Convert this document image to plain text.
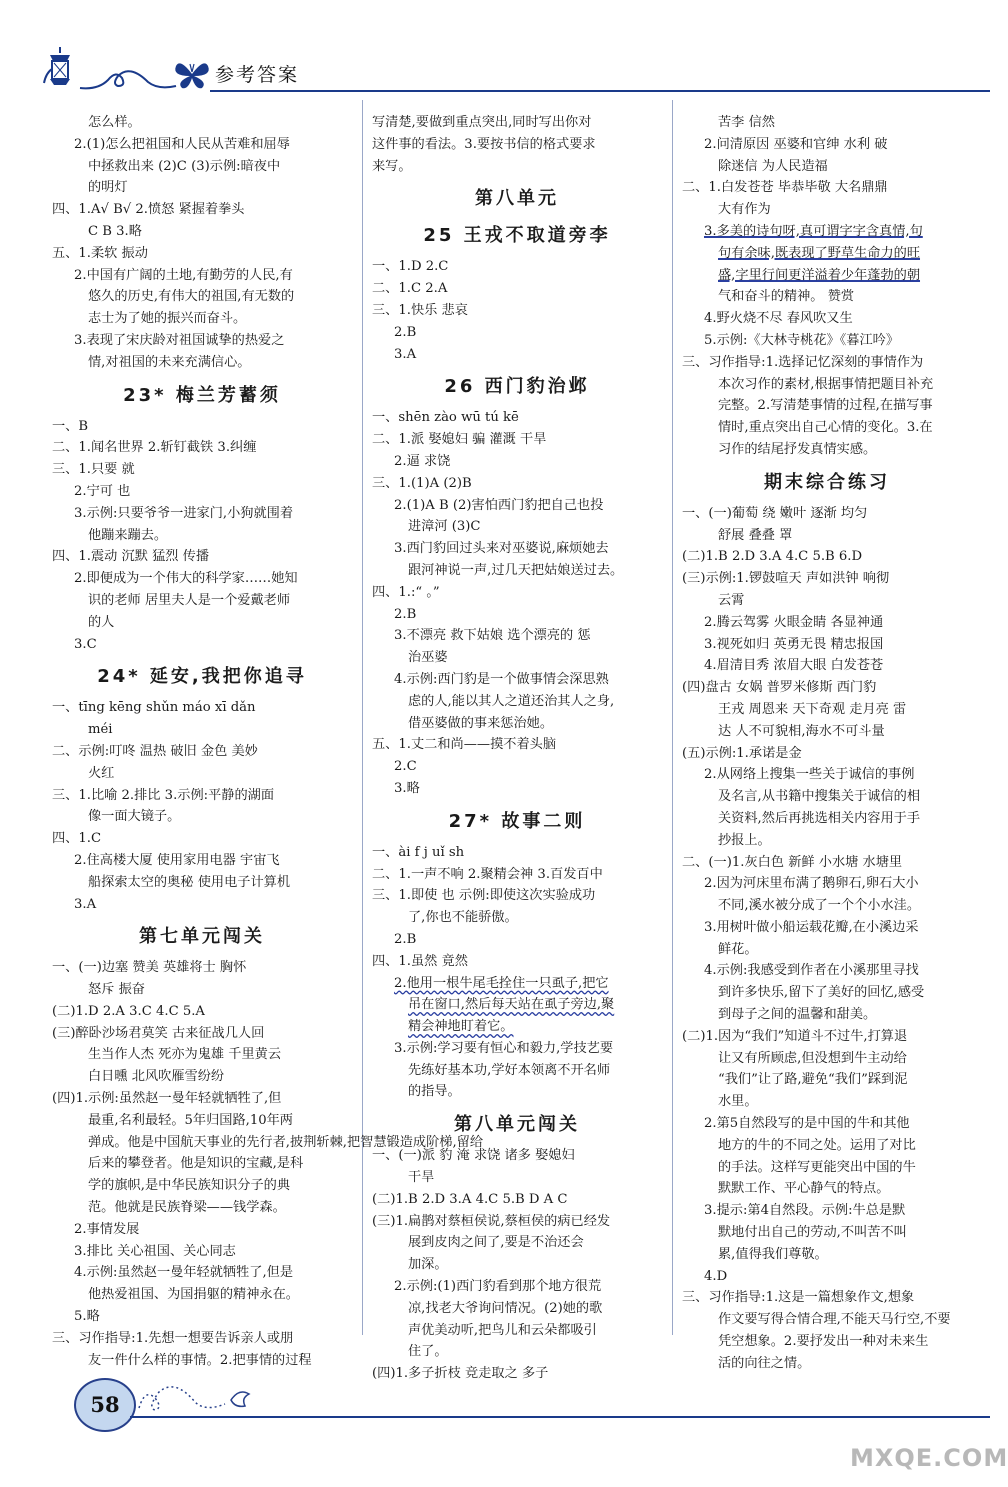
参考答案
怎么样。
2.(1)怎么把祖国和人民从苦难和屈辱
中拯救出来 (2)C (3)示例:暗夜中
的明灯
四、1.A√ B√ 2.愤怒 紧握着拳头
C B 3.略
五、1.柔软 振动
2.中国有广阔的土地,有勤劳的人民,有
悠久的历史,有伟大的祖国,有无数的
志士为了她的振兴而奋斗。
3.表现了宋庆龄对祖国诚挚的热爱之
情,对祖国的未来充满信心。
23* 梅兰芳蓄须
一、B
二、1.闻名世界 2.斩钉截铁 3.纠缠
三、1.只要 就
2.宁可 也
3.示例:只要爷爷一进家门,小狗就围着
他蹦来蹦去。
四、1.震动 沉默 猛烈 传播
2.即便成为一个伟大的科学家……她知
识的老师 居里夫人是一个爱戴老师
的人
3.C
24* 延安,我把你追寻
一、tīng kēng shǔn máo xī dǎn
méi
二、示例:叮咚 温热 破旧 金色 美妙
火红
三、1.比喻 2.排比 3.示例:平静的湖面
像一面大镜子。
四、1.C
2.住高楼大厦 使用家用电器 宇宙飞
船探索太空的奥秘 使用电子计算机
3.A
第七单元闯关
一、(一)边塞 赞美 英雄将士 胸怀
怒斥 振奋
(二)1.D 2.A 3.C 4.C 5.A
(三)醉卧沙场君莫笑 古来征战几人回
生当作人杰 死亦为鬼雄 千里黄云
白日曛 北风吹雁雪纷纷
(四)1.示例:虽然赵一曼年轻就牺牲了,但
最重,名利最轻。5年归国路,10年两
弹成。他是中国航天事业的先行者,披荆斩棘,把智慧锻造成阶梯,留给
后来的攀登者。他是知识的宝藏,是科
学的旗帜,是中华民族知识分子的典
范。他就是民族脊梁——钱学森。
2.事情发展
3.排比 关心祖国、关心同志
4.示例:虽然赵一曼年轻就牺牲了,但是
他热爱祖国、为国捐躯的精神永在。
5.略
三、习作指导:1.先想一想要告诉亲人或朋
友一件什么样的事情。2.把事情的过程
写清楚,要做到重点突出,同时写出你对
这件事的看法。3.要按书信的格式要求
来写。
第八单元
25 王戎不取道旁李
一、1.D 2.C
二、1.C 2.A
三、1.快乐 悲哀
2.B
3.A
26 西门豹治邺
一、shēn zào wū tú kē
二、1.派 娶媳妇 骗 灌溉 干旱
2.逼 求饶
三、1.(1)A (2)B
2.(1)A B (2)害怕西门豹把自己也投
进漳河 (3)C
3.西门豹回过头来对巫婆说,麻烦她去
跟河神说一声,过几天把姑娘送过去。
四、1.:“ 。”
2.B
3.不漂亮 救下姑娘 选个漂亮的 惩
治巫婆
4.示例:西门豹是一个做事情会深思熟
虑的人,能以其人之道还治其人之身,
借巫婆做的事来惩治她。
五、1.丈二和尚——摸不着头脑
2.C
3.略
27* 故事二则
一、ài f j uǐ sh
二、1.一声不响 2.聚精会神 3.百发百中
三、1.即使 也 示例:即使这次实验成功
了,你也不能骄傲。
2.B
四、1.虽然 竟然
2.他用一根牛尾毛拴住一只虱子,把它
吊在窗口,然后每天站在虱子旁边,聚
精会神地盯着它。
3.示例:学习要有恒心和毅力,学技艺要
先练好基本功,学好本领离不开名师
的指导。
第八单元闯关
一、(一)派 豹 淹 求饶 诸多 娶媳妇
干旱
(二)1.B 2.D 3.A 4.C 5.B D A C
(三)1.扁鹊对蔡桓侯说,蔡桓侯的病已经发
展到皮肉之间了,要是不治还会
加深。
2.示例:(1)西门豹看到那个地方很荒
凉,找老大爷询问情况。(2)她的歌
声优美动听,把鸟儿和云朵都吸引
住了。
(四)1.多子折枝 竞走取之 多子
苦李 信然
2.问清原因 巫婆和官绅 水利 破
除迷信 为人民造福
二、1.白发苍苍 毕恭毕敬 大名鼎鼎
大有作为
3.多美的诗句呀,真可谓字字含真情,句
句有余味,既表现了野草生命力的旺
盛,字里行间更洋溢着少年蓬勃的朝
气和奋斗的精神。 赞赏
4.野火烧不尽 春风吹又生
5.示例:《大林寺桃花》《暮江吟》
三、习作指导:1.选择记忆深刻的事情作为
本次习作的素材,根据事情把题目补充
完整。2.写清楚事情的过程,在描写事
情时,重点突出自己心情的变化。3.在
习作的结尾抒发真情实感。
期末综合练习
一、(一)葡萄 绕 嫩叶 逐渐 均匀
舒展 叠叠 罩
(二)1.B 2.D 3.A 4.C 5.B 6.D
(三)示例:1.锣鼓喧天 声如洪钟 响彻
云霄
2.腾云驾雾 火眼金睛 各显神通
3.视死如归 英勇无畏 精忠报国
4.眉清目秀 浓眉大眼 白发苍苍
(四)盘古 女娲 普罗米修斯 西门豹
王戎 周恩来 天下奇观 走月亮 雷
达 人不可貌相,海水不可斗量
(五)示例:1.承诺是金
2.从网络上搜集一些关于诚信的事例
及名言,从书籍中搜集关于诚信的相
关资料,然后再挑选相关内容用于手
抄报上。
二、(一)1.灰白色 新鲜 小水塘 水塘里
2.因为河床里布满了鹅卵石,卵石大小
不同,溪水被分成了一个个小水洼。
3.用树叶做小船运载花瓣,在小溪边采
鲜花。
4.示例:我感受到作者在小溪那里寻找
到许多快乐,留下了美好的回忆,感受
到母子之间的温馨和甜美。
(二)1.因为“我们”知道斗不过牛,打算退
让又有所顾虑,但没想到牛主动给
“我们”让了路,避免“我们”踩到泥
水里。
2.第5自然段写的是中国的牛和其他
地方的牛的不同之处。运用了对比
的手法。这样写更能突出中国的牛
默默工作、平心静气的特点。
3.提示:第4自然段。示例:牛总是默
默地付出自己的劳动,不叫苦不叫
累,值得我们尊敬。
4.D
三、习作指导:1.这是一篇想象作文,想象
作文要写得合情合理,不能天马行空,不要
凭空想象。2.要抒发出一种对未来生
活的向往之情。
58
MXQE.COM
